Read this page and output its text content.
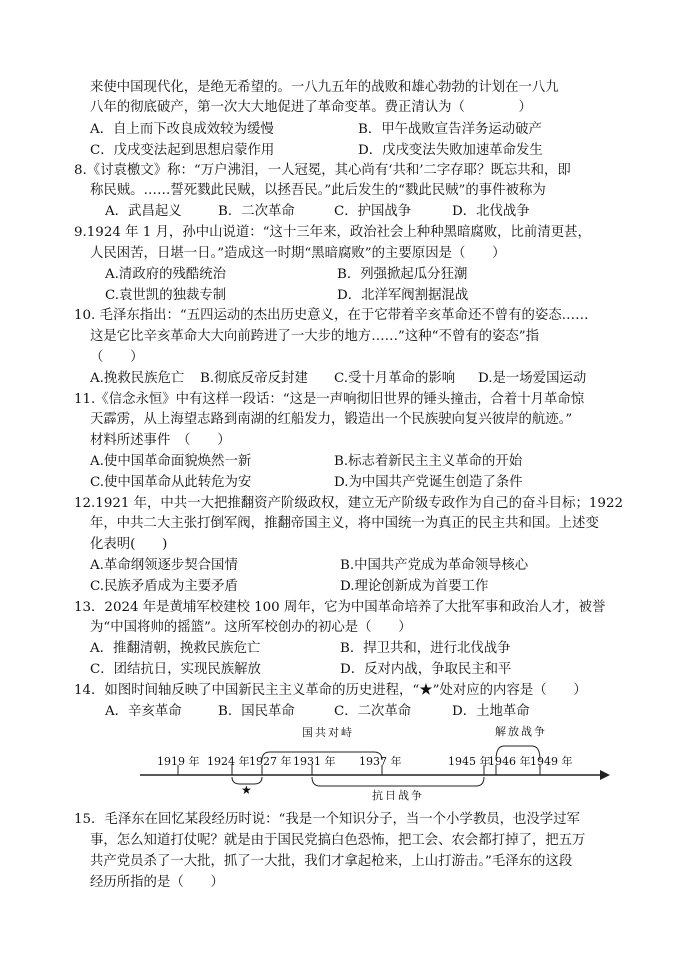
来使中国现代化，是绝无希望的。一八九五年的战败和雄心勃勃的计划在一八九
八年的彻底破产，第一次大大地促进了革命变革。费正清认为（　　　　）
A．自上而下改良成效较为缓慢	B．甲午战败宣告洋务运动破产
C．戊戌变法起到思想启蒙作用	D．戊戌变法失败加速革命发生
8.《讨袁檄文》称：“万户沸泪，一人冠冕，其心尚有‘共和’二字存耶？既忘共和，即
称民贼。……誓死戮此民贼，以拯吾民。”此后发生的“戮此民贼”的事件被称为
A．武昌起义	B．二次革命	C．护国战争	D．北伐战争
9.1924 年 1 月，孙中山说道：“这十三年来，政治社会上种种黑暗腐败，比前清更甚，
人民困苦，日堪一日。”造成这一时期“黑暗腐败”的主要原因是（　　）
A.清政府的残酷统治	B．列强掀起瓜分狂潮
C.袁世凯的独裁专制	D．北洋军阀割据混战
10. 毛泽东指出：“五四运动的杰出历史意义，在于它带着辛亥革命还不曾有的姿态……
这是它比辛亥革命大大向前跨进了一大步的地方……”这种“不曾有的姿态”指
（　　）
A.挽救民族危亡 B.彻底反帝反封建 C.受十月革命的影响 D.是一场爱国运动
11.《信念永恒》中有这样一段话：“这是一声响彻旧世界的锤头撞击，合着十月革命惊
天霹雳，从上海望志路到南湖的红船发力，锻造出一个民族驶向复兴彼岸的航迹。”
材料所述事件　（　　）
A.使中国革命面貌焕然一新	B.标志着新民主主义革命的开始
C.使中国革命从此转危为安	D.为中国共产党诞生创造了条件
12.1921 年，中共一大把推翻资产阶级政权，建立无产阶级专政作为自己的奋斗目标；1922
年，中共二大主张打倒军阀，推翻帝国主义，将中国统一为真正的民主共和国。上述变
化表明(　　)
A.革命纲领逐步契合国情	B.中国共产党成为革命领导核心
C.民族矛盾成为主要矛盾	D.理论创新成为首要工作
13．2024 年是黄埔军校建校 100 周年，它为中国革命培养了大批军事和政治人才，被誉
为“中国将帅的摇篮”。这所军校创办的初心是（　　）
A．推翻清朝，挽救民族危亡	B．捍卫共和，进行北伐战争
C．团结抗日，实现民族解放	D．反对内战，争取民主和平
14．如图时间轴反映了中国新民主主义革命的历史进程，“★”处对应的内容是（　　）
A．辛亥革命	B．国民革命	C．二次革命	D．土地革命
1919 年 1924 年 1927 年 1931 年 1937 年	1945 年
1946 年 1949 年
国共对峙	解放战争
抗日战争
★
15．毛泽东在回忆某段经历时说：“我是一个知识分子，当一个小学教员，也没学过军
事，怎么知道打仗呢？就是由于国民党搞白色恐怖，把工会、农会都打掉了，把五万
共产党员杀了一大批，抓了一大批，我们才拿起枪来，上山打游击。”毛泽东的这段
经历所指的是（　　）
